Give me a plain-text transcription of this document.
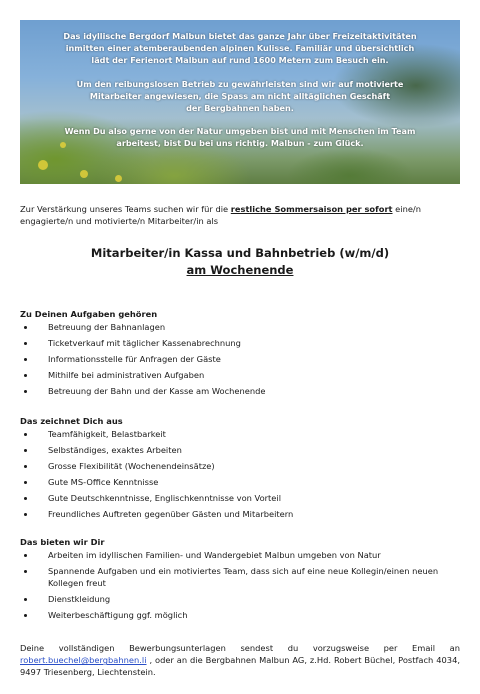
Das idyllische Bergdorf Malbun bietet das ganze Jahr über Freizeitaktivitäten
inmitten einer atemberaubenden alpinen Kulisse. Familiär und übersichtlich
lädt der Ferienort Malbun auf rund 1600 Metern zum Besuch ein.

Um den reibungslosen Betrieb zu gewährleisten sind wir auf motivierte
Mitarbeiter angewiesen, die Spass am nicht alltäglichen Geschäft
der Bergbahnen haben.

Wenn Du also gerne von der Natur umgeben bist und mit Menschen im Team
arbeitest, bist Du bei uns richtig. Malbun - zum Glück.

Zur Verstärkung unseres Teams suchen wir für die restliche Sommersaison per sofort eine/n engagierte/n und motivierte/n Mitarbeiter/in als
Mitarbeiter/in Kassa und Bahnbetrieb (w/m/d)
am Wochenende
Zu Deinen Aufgaben gehören
Betreuung der Bahnanlagen
Ticketverkauf mit täglicher Kassenabrechnung
Informationsstelle für Anfragen der Gäste
Mithilfe bei administrativen Aufgaben
Betreuung der Bahn und der Kasse am Wochenende
Das zeichnet Dich aus
Teamfähigkeit, Belastbarkeit
Selbständiges, exaktes Arbeiten
Grosse Flexibilität (Wochenendeinsätze)
Gute MS-Office Kenntnisse
Gute Deutschkenntnisse, Englischkenntnisse von Vorteil
Freundliches Auftreten gegenüber Gästen und Mitarbeitern
Das bieten wir Dir
Arbeiten im idyllischen Familien- und Wandergebiet Malbun umgeben von Natur
Spannende Aufgaben und ein motiviertes Team, dass sich auf eine neue Kollegin/einen neuen Kollegen freut
Dienstkleidung
Weiterbeschäftigung ggf. möglich
Deine vollständigen Bewerbungsunterlagen sendest du vorzugsweise per Email an robert.buechel@bergbahnen.li , oder an die Bergbahnen Malbun AG, z.Hd. Robert Büchel, Postfach 4034, 9497 Triesenberg, Liechtenstein.
